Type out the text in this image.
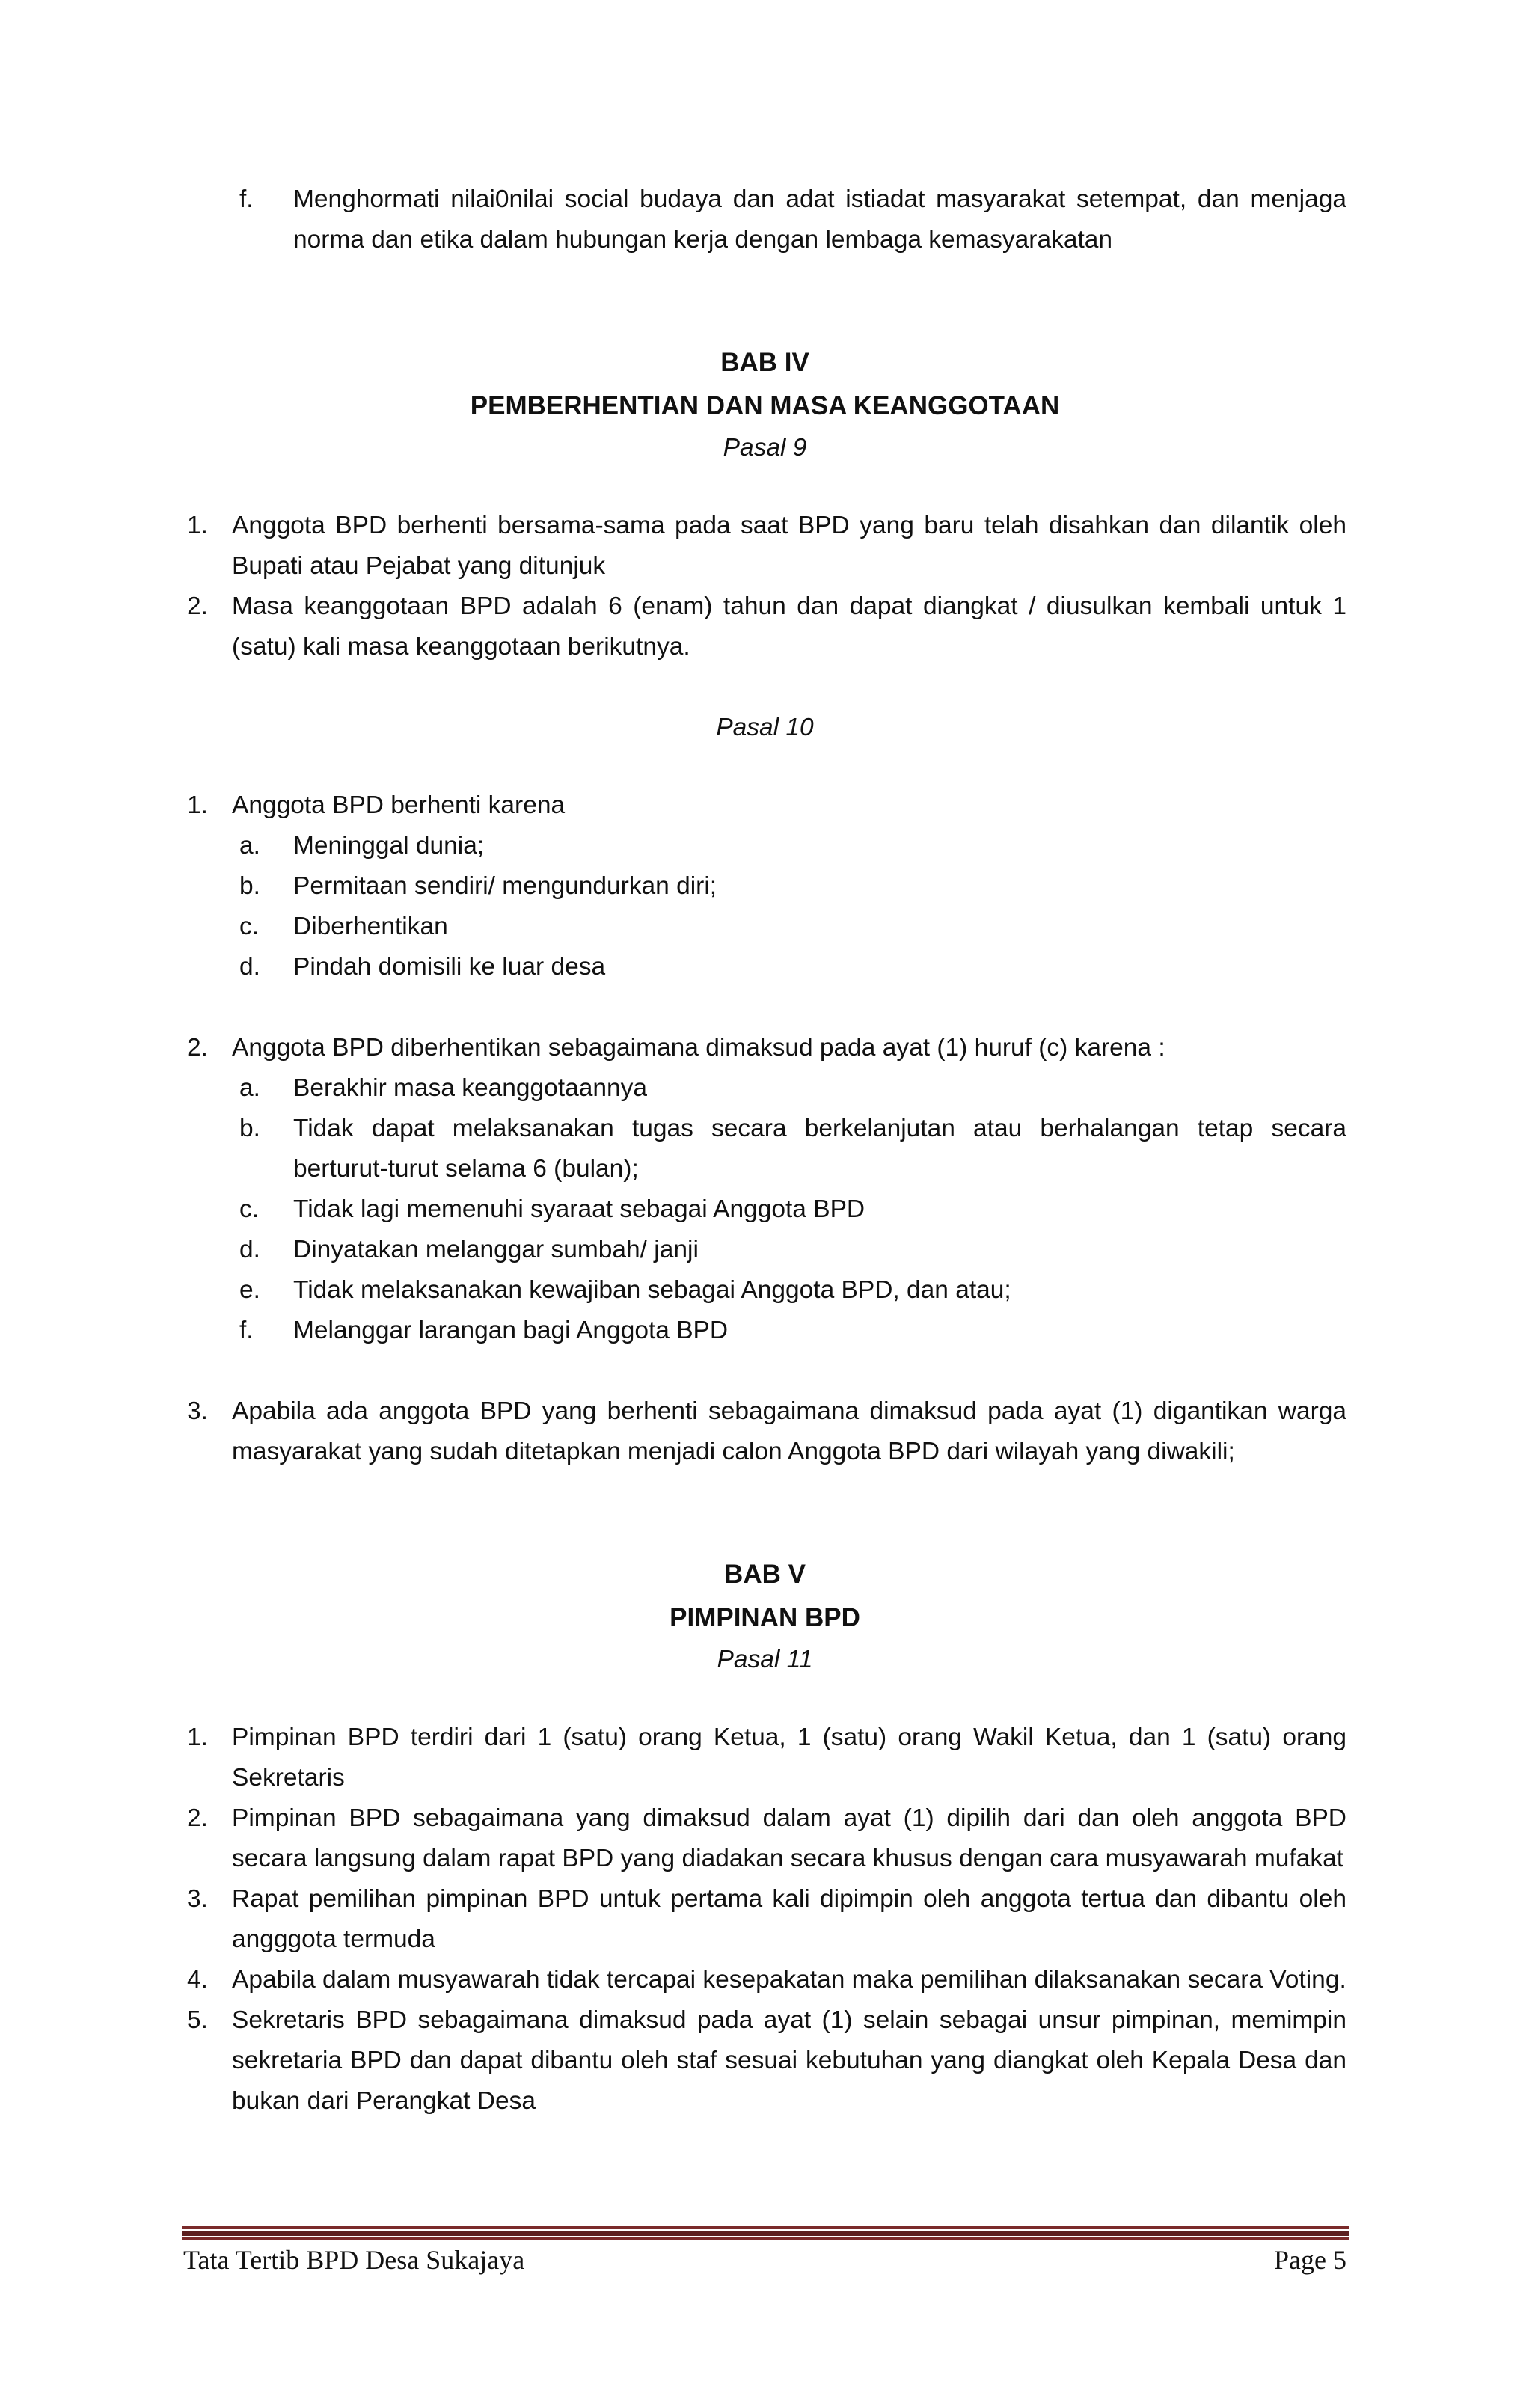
f.	Menghormati nilai0nilai social budaya dan adat istiadat masyarakat setempat, dan menjaga norma dan etika dalam hubungan kerja dengan lembaga kemasyarakatan
BAB IV
PEMBERHENTIAN DAN MASA KEANGGOTAAN
Pasal 9
1. Anggota BPD berhenti bersama-sama pada saat BPD yang baru telah disahkan dan dilantik oleh Bupati atau Pejabat yang ditunjuk
2. Masa keanggotaan BPD adalah 6 (enam) tahun dan dapat diangkat / diusulkan kembali untuk 1 (satu) kali masa keanggotaan berikutnya.
Pasal 10
1. Anggota BPD berhenti karena
a.	Meninggal dunia;
b.	Permitaan sendiri/ mengundurkan diri;
c.	Diberhentikan
d.	Pindah domisili ke luar desa
2. Anggota BPD diberhentikan sebagaimana dimaksud pada ayat (1) huruf (c) karena :
a.	Berakhir masa keanggotaannya
b.	Tidak dapat melaksanakan tugas secara berkelanjutan atau berhalangan tetap secara berturut-turut selama 6 (bulan);
c.	Tidak lagi memenuhi syaraat sebagai Anggota BPD
d.	Dinyatakan melanggar sumbah/ janji
e.	Tidak melaksanakan kewajiban sebagai Anggota BPD, dan atau;
f.	Melanggar larangan bagi Anggota BPD
3. Apabila ada anggota BPD yang berhenti sebagaimana dimaksud pada ayat (1) digantikan warga masyarakat yang sudah ditetapkan menjadi calon Anggota BPD dari wilayah yang diwakili;
BAB V
PIMPINAN BPD
Pasal 11
1. Pimpinan BPD terdiri dari 1 (satu) orang Ketua, 1 (satu) orang Wakil Ketua, dan 1 (satu) orang Sekretaris
2. Pimpinan BPD sebagaimana yang dimaksud dalam ayat (1) dipilih dari dan oleh anggota BPD secara langsung dalam rapat BPD yang diadakan secara khusus dengan cara musyawarah mufakat
3. Rapat pemilihan pimpinan BPD untuk pertama kali dipimpin oleh anggota tertua dan dibantu oleh angggota termuda
4. Apabila dalam musyawarah tidak tercapai kesepakatan maka pemilihan dilaksanakan secara Voting.
5. Sekretaris BPD sebagaimana dimaksud pada ayat (1) selain sebagai unsur pimpinan, memimpin sekretaria BPD dan dapat dibantu oleh staf sesuai kebutuhan yang diangkat oleh Kepala Desa dan bukan dari Perangkat Desa
Tata Tertib BPD Desa Sukajaya	Page 5
